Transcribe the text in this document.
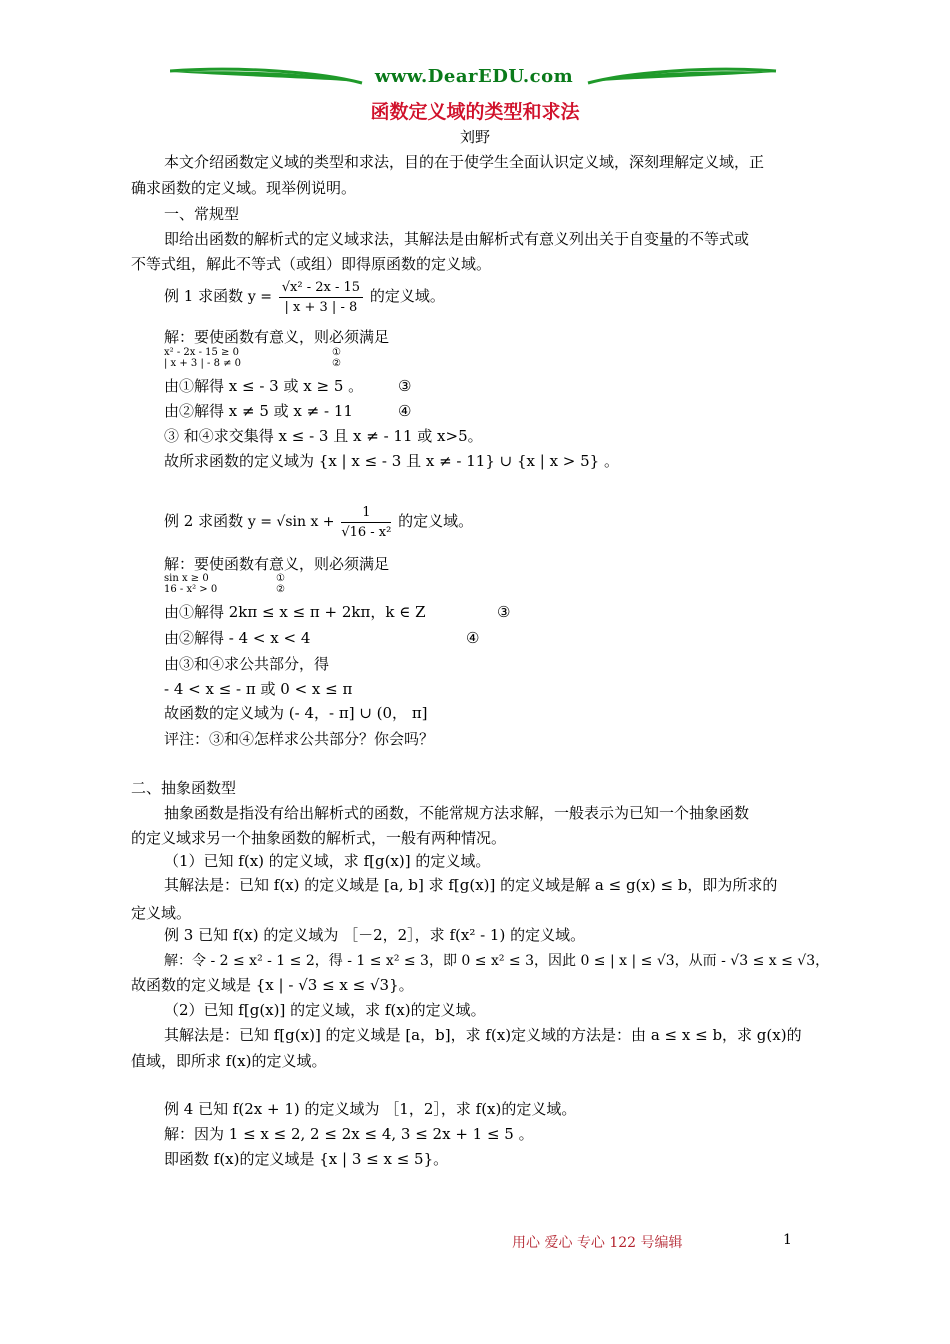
www.DearEDU.com
函数定义域的类型和求法
刘野
本文介绍函数定义域的类型和求法，目的在于使学生全面认识定义域，深刻理解定义域，正
确求函数的定义域。现举例说明。
一、常规型
即给出函数的解析式的定义域求法，其解法是由解析式有意义列出关于自变量的不等式或
不等式组，解此不等式（或组）即得原函数的定义域。
例 1 求函数 $y = \frac{\text{√x² - 2x - 15}}{| x + 3 | - 8}$ 的定义域。
解：要使函数有意义，则必须满足
x² - 2x - 15 ≥ 0	①
| x + 3 | - 8 ≠ 0	②
由①解得 x ≤ - 3 或 x ≥ 5 。 ③
由②解得 x ≠ 5 或 x ≠ - 11	④
③ 和④求交集得 x ≤ - 3 且 x ≠ - 11 或 x>5。
故所求函数的定义域为 {x | x ≤ - 3 且 x ≠ - 11} ∪ {x | x > 5} 。
例 2 求函数 y = √sin $x + \frac{1}{\text{√16 - x²}}$ 的定义域。
解：要使函数有意义，则必须满足
sin x ≥ 0	①
16 - x² > 0	②
由①解得 2kπ ≤ x ≤ π + 2kπ，k ∈ Z	③
由②解得 - 4 < x < 4	④
由③和④求公共部分，得
- 4 < x ≤ - π 或 0 < x ≤ π
故函数的定义域为 (- 4，- π] ∪ (0， π]
评注：③和④怎样求公共部分？你会吗？
二、抽象函数型
抽象函数是指没有给出解析式的函数，不能常规方法求解，一般表示为已知一个抽象函数
的定义域求另一个抽象函数的解析式，一般有两种情况。
（1）已知 f(x) 的定义域，求 f[g(x)] 的定义域。
其解法是：已知 f(x) 的定义域是 [a, b] 求 f[g(x)] 的定义域是解 a ≤ g(x) ≤ b，即为所求的
定义域。
例 3 已知 f(x) 的定义域为 ［－2，2］，求 f(x² - 1) 的定义域。
解：令 - 2 ≤ x² - 1 ≤ 2，得 - 1 ≤ x² ≤ 3，即 0 ≤ x² ≤ 3，因此 0 ≤ | x | ≤ √3，从而 - √3 ≤ x ≤ √3，
故函数的定义域是 {x | - √3 ≤ x ≤ √3}。
（2）已知 f[g(x)] 的定义域，求 f(x)的定义域。
其解法是：已知 f[g(x)] 的定义域是 [a，b]，求 f(x)定义域的方法是：由 a ≤ x ≤ b，求 g(x)的
值域，即所求 f(x)的定义域。
例 4 已知 f(2x + 1) 的定义域为 ［1，2］，求 f(x)的定义域。
解：因为 1 ≤ x ≤ 2, 2 ≤ 2x ≤ 4, 3 ≤ 2x + 1 ≤ 5 。
即函数 f(x)的定义域是 {x | 3 ≤ x ≤ 5}。
用心 爱心 专心 122 号编辑	1
